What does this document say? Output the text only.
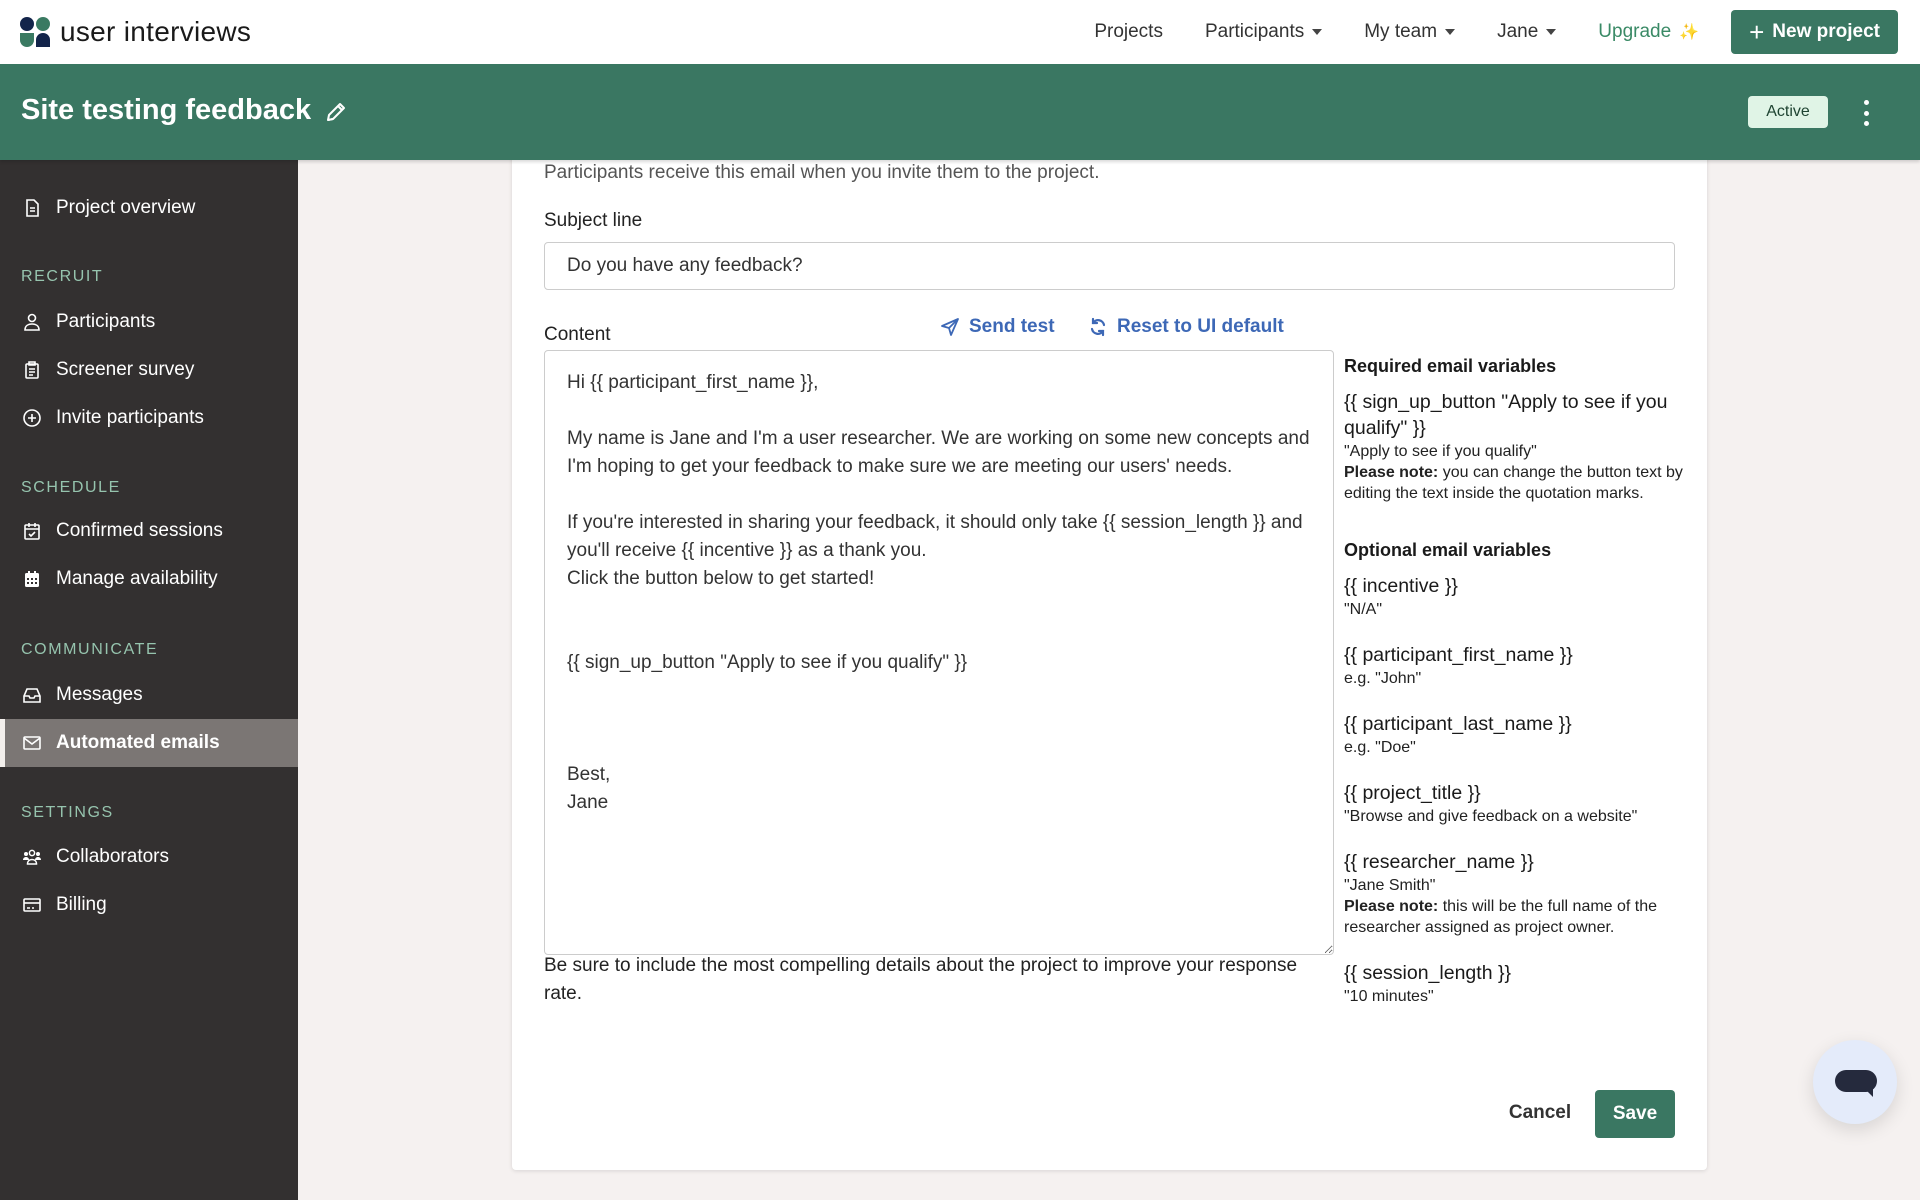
user interviews	Projects Participants	My team	Jane	Upgrade ✨ + New project
Site testing feedback	Active
Project overview
RECRUIT
Participants
Screener survey
Invite participants
SCHEDULE
Confirmed sessions
Manage availability
COMMUNICATE
Messages
Automated emails
SETTINGS
Collaborators
Billing

Participants receive this email when you invite them to the project.

Subject line
Do you have any feedback?
Content	Send test	Reset to UI default
Hi {{ participant_first_name }}, My name is Jane and I'm a user researcher. We are working on some new concepts and I'm hoping to get your feedback to make sure we are meeting our users' needs. If you're interested in sharing your feedback, it should only take {{ session_length }} and you'll receive {{ incentive }} as a thank you. Click the button below to get started! {{ sign_up_button "Apply to see if you qualify" }} Best, Jane

Be sure to include the most compelling details about the project to improve your response rate.

Required email variables
{{ sign_up_button "Apply to see if you qualify" }}
"Apply to see if you qualify"
Please note: you can change the button text by editing the text inside the quotation marks.
Optional email variables
{{ incentive }}
"N/A"
{{ participant_first_name }}
e.g. "John"
{{ participant_last_name }}
e.g. "Doe"
{{ project_title }}
"Browse and give feedback on a website"
{{ researcher_name }}
"Jane Smith"
Please note: this will be the full name of the researcher assigned as project owner.
{{ session_length }}
"10 minutes"
Cancel	Save
